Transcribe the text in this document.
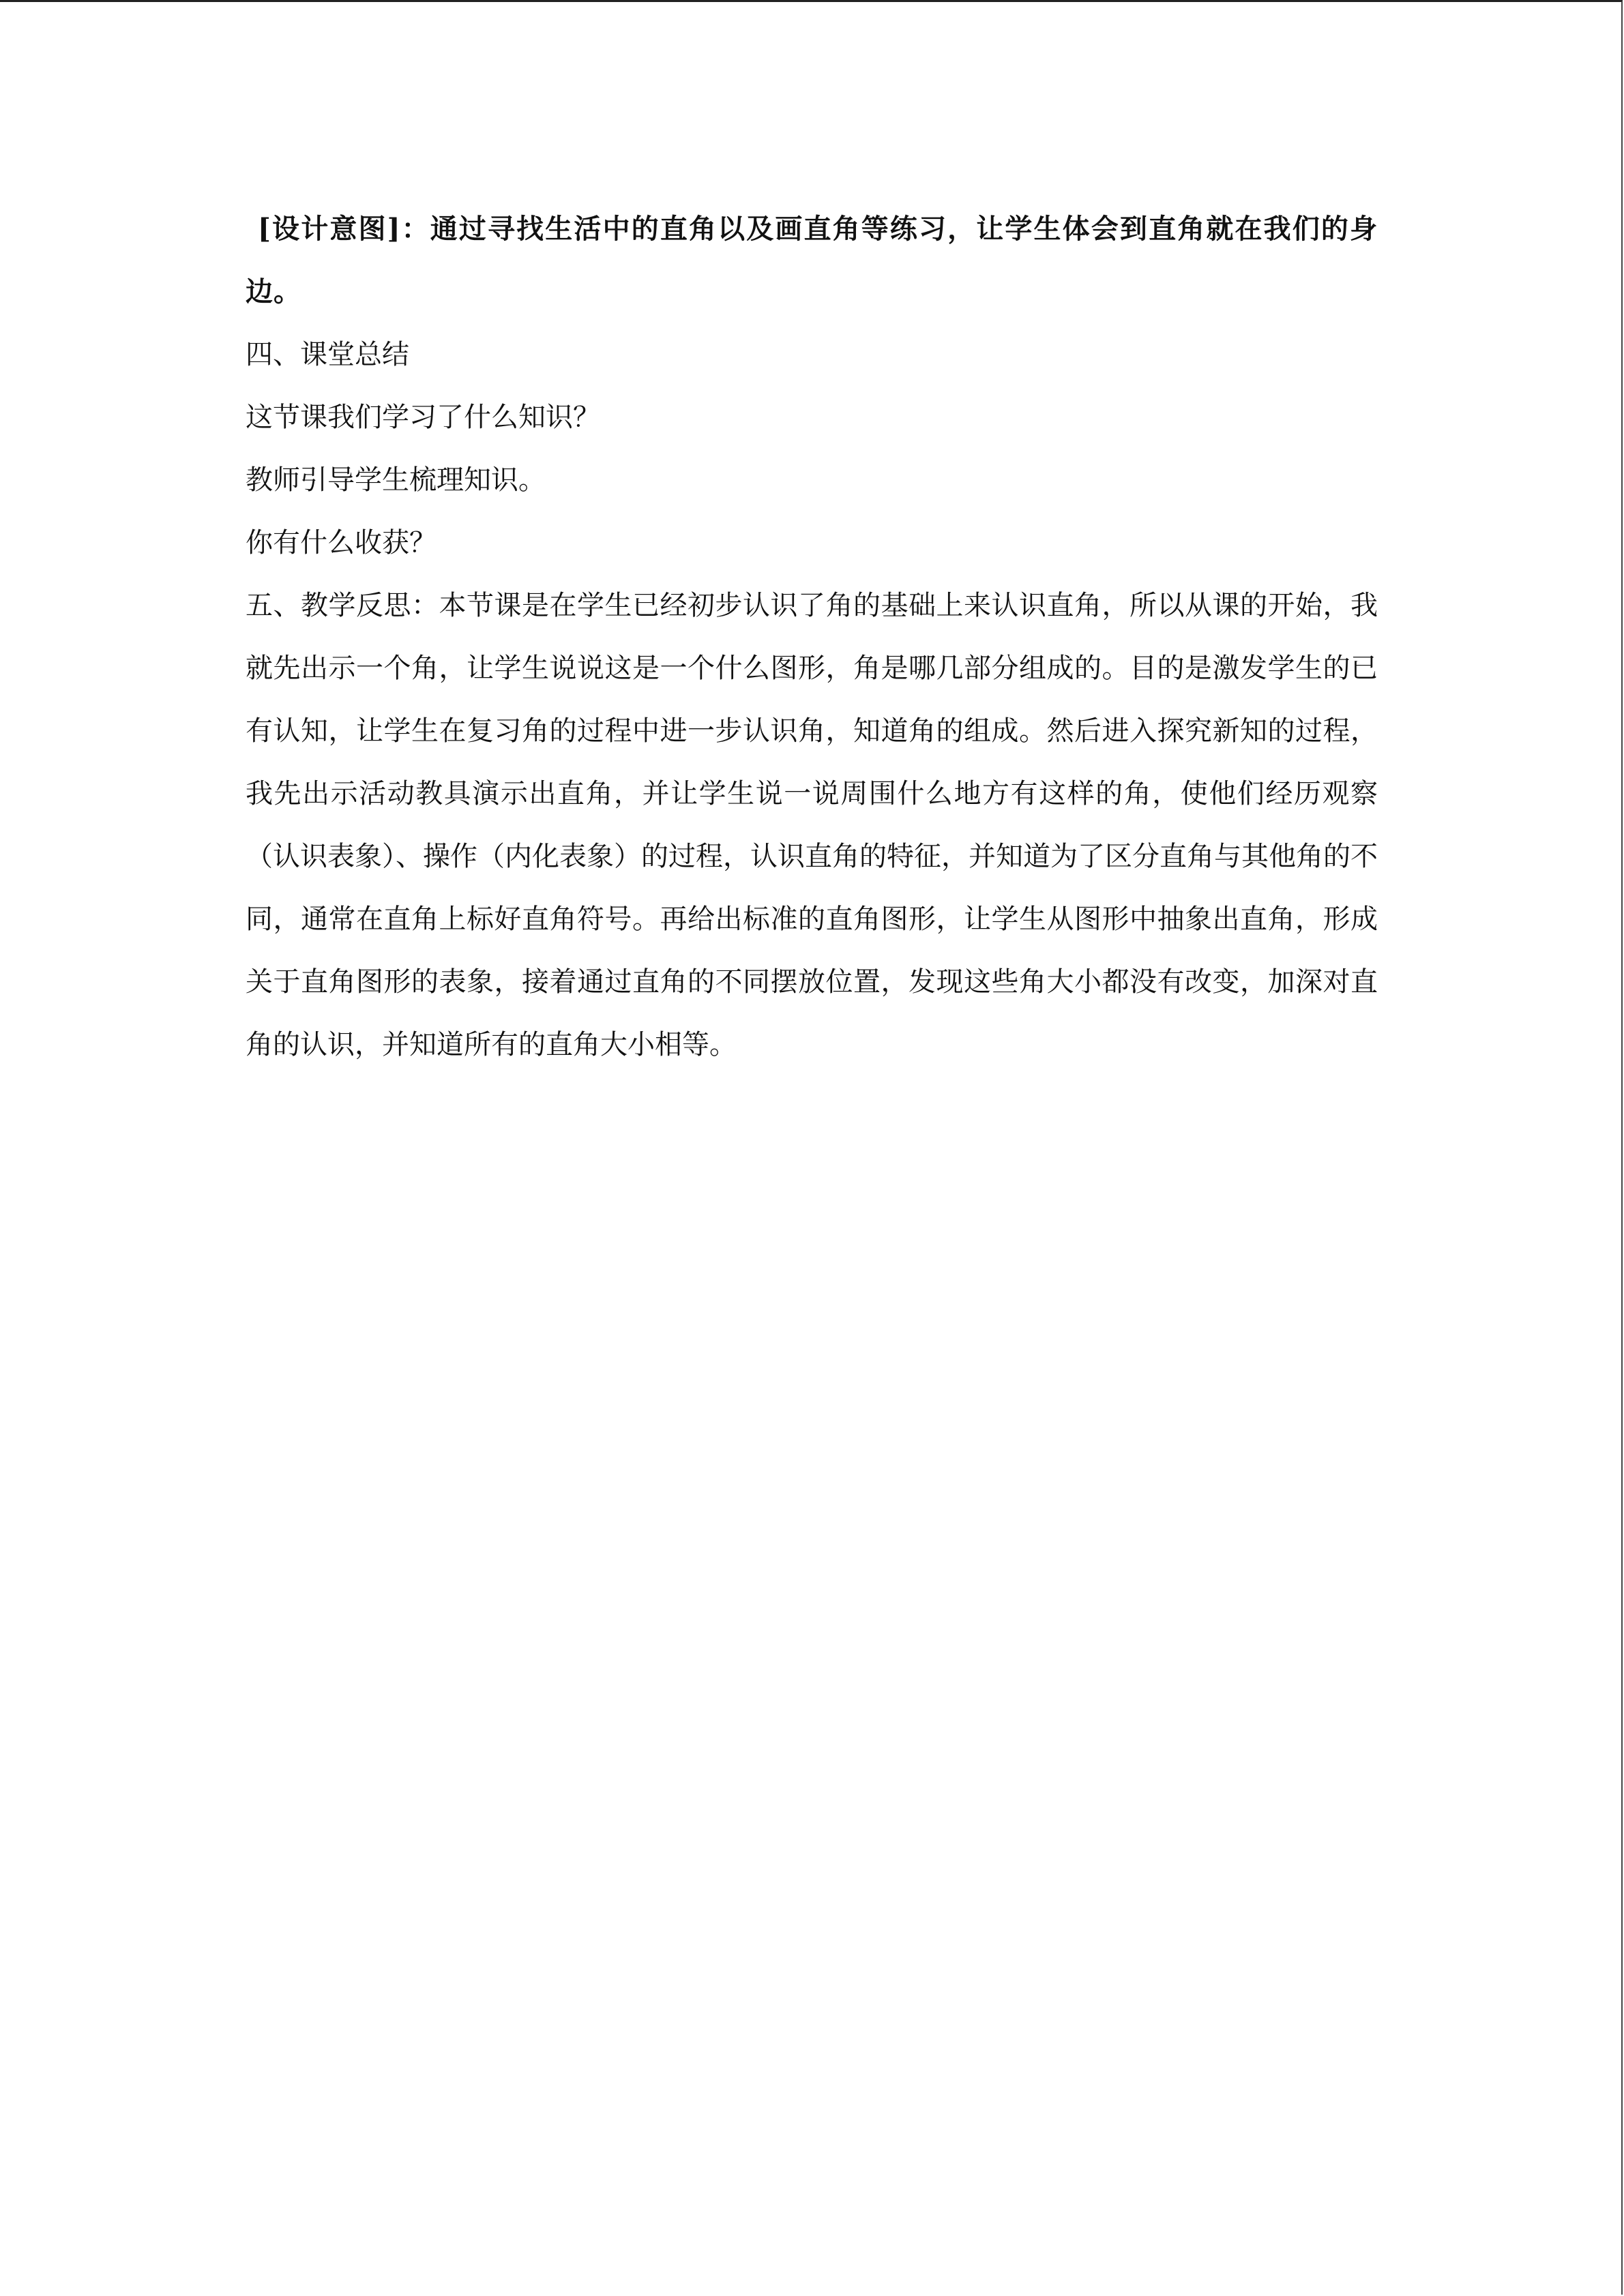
[设计意图]：通过寻找生活中的直角以及画直角等练习，让学生体会到直角就在我们的身边。

四、课堂总结

这节课我们学习了什么知识？

教师引导学生梳理知识。

你有什么收获？

五、教学反思：本节课是在学生已经初步认识了角的基础上来认识直角，所以从课的开始，我就先出示一个角，让学生说说这是一个什么图形，角是哪几部分组成的。目的是激发学生的已有认知，让学生在复习角的过程中进一步认识角，知道角的组成。然后进入探究新知的过程，我先出示活动教具演示出直角，并让学生说一说周围什么地方有这样的角，使他们经历观察（认识表象）、操作（内化表象）的过程，认识直角的特征，并知道为了区分直角与其他角的不同，通常在直角上标好直角符号。再给出标准的直角图形，让学生从图形中抽象出直角，形成关于直角图形的表象，接着通过直角的不同摆放位置，发现这些角大小都没有改变，加深对直角的认识，并知道所有的直角大小相等。
